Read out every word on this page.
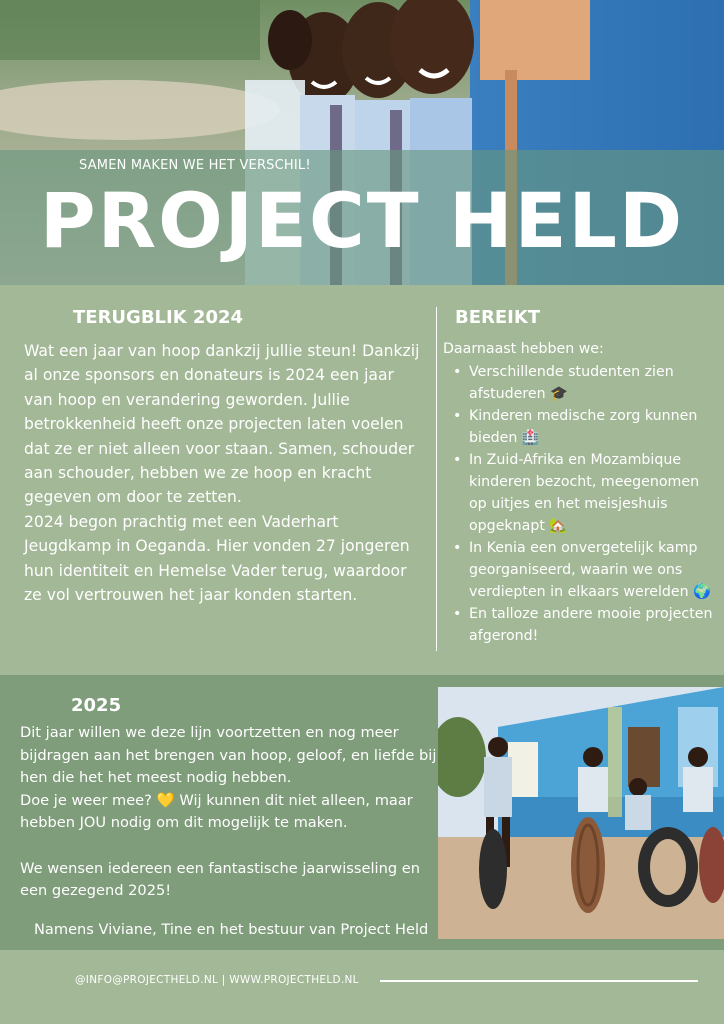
SAMEN MAKEN WE HET VERSCHIL!
PROJECT HELD
TERUGBLIK 2024

Wat een jaar van hoop dankzij jullie steun! Dankzij al onze sponsors en donateurs is 2024 een jaar van hoop en verandering geworden. Jullie betrokkenheid heeft onze projecten laten voelen dat ze er niet alleen voor staan. Samen, schouder aan schouder, hebben we ze hoop en kracht gegeven om door te zetten.

2024 begon prachtig met een Vaderhart Jeugdkamp in Oeganda. Hier vonden 27 jongeren hun identiteit en Hemelse Vader terug, waardoor ze vol vertrouwen het jaar konden starten.

BEREIKT
Daarnaast hebben we:
• Verschillende studenten zien afstuderen 🎓
• Kinderen medische zorg kunnen bieden 🏥
• In Zuid-Afrika en Mozambique kinderen bezocht, meegenomen op uitjes en het meisjeshuis opgeknapt 🏡
• In Kenia een onvergetelijk kamp georganiseerd, waarin we ons verdiepten in elkaars werelden 🌍
• En talloze andere mooie projecten afgerond!
2025

Dit jaar willen we deze lijn voortzetten en nog meer bijdragen aan het brengen van hoop, geloof, en liefde bij hen die het het meest nodig hebben.

Doe je weer mee? 💛 Wij kunnen dit niet alleen, maar hebben JOU nodig om dit mogelijk te maken.

We wensen iedereen een fantastische jaarwisseling en een gezegend 2025!

Namens Viviane, Tine en het bestuur van Project Held
@INFO@PROJECTHELD.NL | WWW.PROJECTHELD.NL
